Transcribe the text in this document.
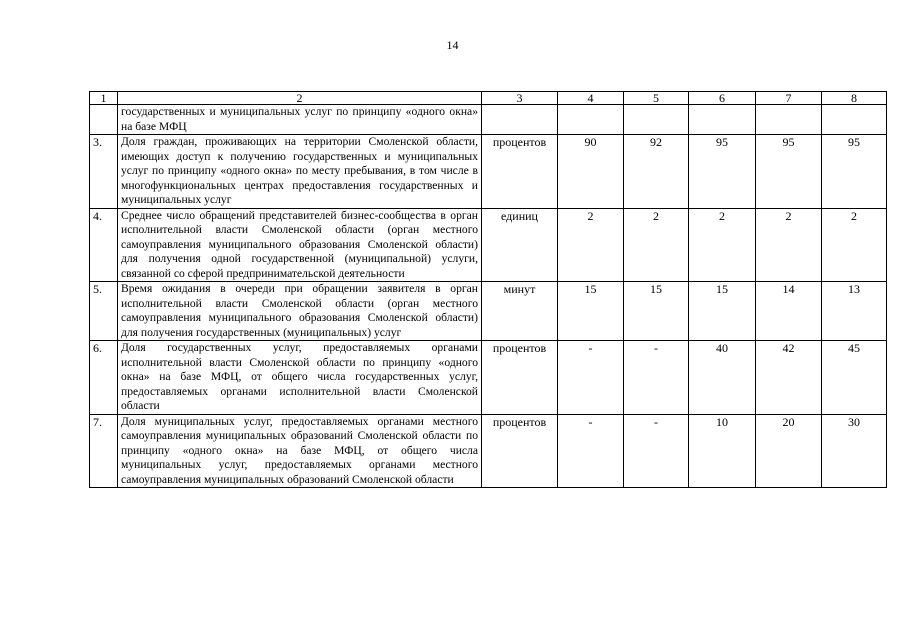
14
1	2	3	4	5	6	7	8
	государственных и муниципальных услуг по принципу «одного окна» на базе МФЦ						
3.	Доля граждан, проживающих на территории Смоленской области, имеющих доступ к получению государственных и муниципальных услуг по принципу «одного окна» по месту пребывания, в том числе в многофункциональных центрах предоставления государственных и муниципальных услуг	процентов	90	92	95	95	95
4.	Среднее число обращений представителей бизнес-сообщества в орган исполнительной власти Смоленской области (орган местного самоуправления муниципального образования Смоленской области) для получения одной государственной (муниципальной) услуги, связанной со сферой предпринимательской деятельности	единиц	2	2	2	2	2
5.	Время ожидания в очереди при обращении заявителя в орган исполнительной власти Смоленской области (орган местного самоуправления муниципального образования Смоленской области) для получения государственных (муниципальных) услуг	минут	15	15	15	14	13
6.	Доля государственных услуг, предоставляемых органами исполнительной власти Смоленской области по принципу «одного окна» на базе МФЦ, от общего числа государственных услуг, предоставляемых органами исполнительной власти Смоленской области	процентов	-	-	40	42	45
7.	Доля муниципальных услуг, предоставляемых органами местного самоуправления муниципальных образований Смоленской области по принципу «одного окна» на базе МФЦ, от общего числа муниципальных услуг, предоставляемых органами местного самоуправления муниципальных образований Смоленской области	процентов	-	-	10	20	30
